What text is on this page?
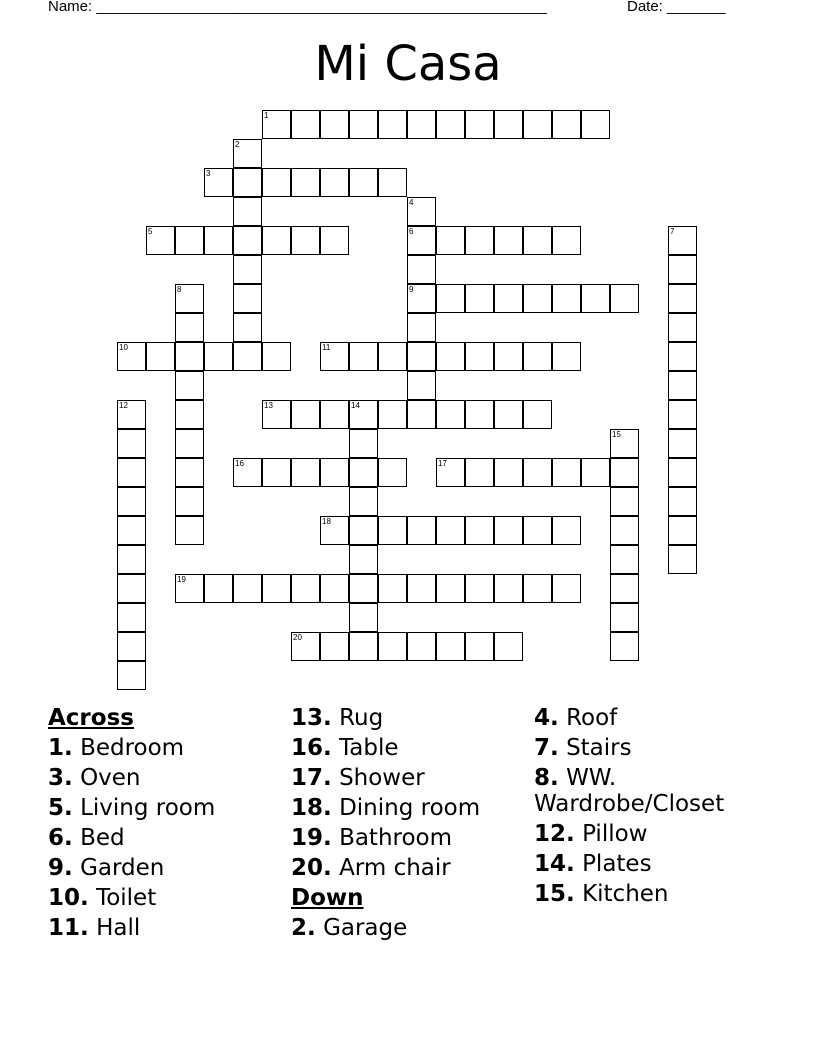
Name: ______________________________________________________	Date: _______
Mi Casa
1
2
3
4
5	6	7
8	9
10	11
12	13	14
15
16	17
18
19
20
Across
1. Bedroom
3. Oven
5. Living room
6. Bed
9. Garden
10. Toilet
11. Hall
13. Rug
16. Table
17. Shower
18. Dining room
19. Bathroom
20. Arm chair
Down
2. Garage
4. Roof
7. Stairs
8. WW.
Wardrobe/Closet
12. Pillow
14. Plates
15. Kitchen
